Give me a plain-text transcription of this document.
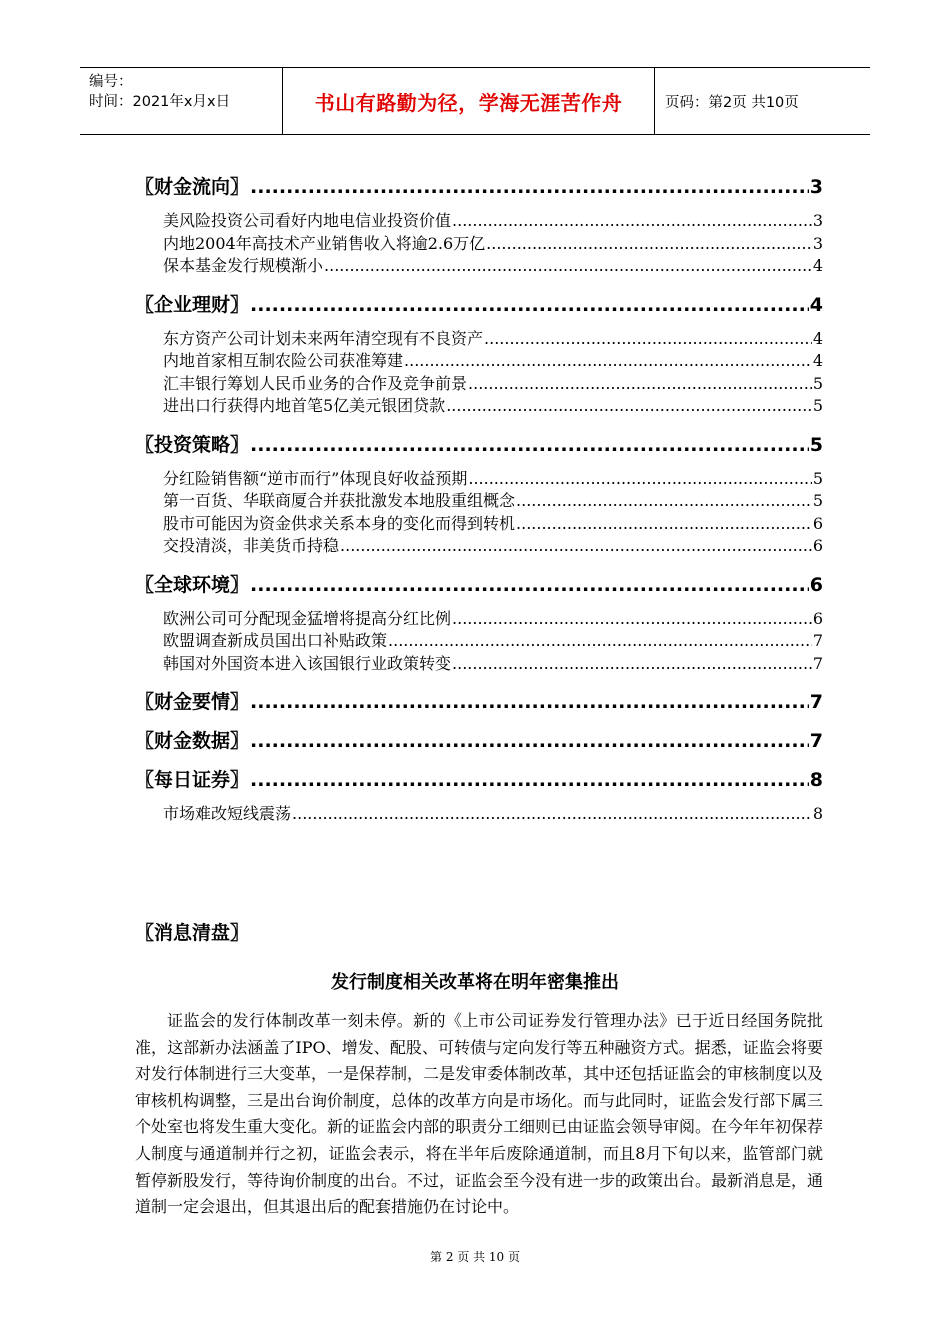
编号：
时间：2021年x月x日	书山有路勤为径，学海无涯苦作舟	页码：第2页 共10页
〖财金流向〗 .....	3
美风险投资公司看好内地电信业投资价值 .....	3
内地2004年高技术产业销售收入将逾2.6万亿 .....	3
保本基金发行规模渐小 .....	4
〖企业理财〗 .....	4
东方资产公司计划未来两年清空现有不良资产 .....	4
内地首家相互制农险公司获准筹建 .....	4
汇丰银行筹划人民币业务的合作及竞争前景 .....	5
进出口行获得内地首笔5亿美元银团贷款 .....	5
〖投资策略〗 .....	5
分红险销售额“逆市而行”体现良好收益预期 .....	5
第一百货、华联商厦合并获批激发本地股重组概念 .....	5
股市可能因为资金供求关系本身的变化而得到转机 .....	6
交投清淡，非美货币持稳 .....	6
〖全球环境〗 .....	6
欧洲公司可分配现金猛增将提高分红比例 .....	6
欧盟调查新成员国出口补贴政策 .....	7
韩国对外国资本进入该国银行业政策转变 .....	7
〖财金要情〗 .....	7
〖财金数据〗 .....	7
〖每日证券〗 .....	8
市场难改短线震荡 .....	8
〖消息清盘〗
发行制度相关改革将在明年密集推出
证监会的发行体制改革一刻未停。新的《上市公司证券发行管理办法》已于近日经国务院批准，这部新办法涵盖了IPO、增发、配股、可转债与定向发行等五种融资方式。据悉，证监会将要对发行体制进行三大变革，一是保荐制，二是发审委体制改革，其中还包括证监会的审核制度以及审核机构调整，三是出台询价制度，总体的改革方向是市场化。而与此同时，证监会发行部下属三个处室也将发生重大变化。新的证监会内部的职责分工细则已由证监会领导审阅。在今年年初保荐人制度与通道制并行之初，证监会表示，将在半年后废除通道制，而且8月下旬以来，监管部门就暂停新股发行，等待询价制度的出台。不过，证监会至今没有进一步的政策出台。最新消息是，通道制一定会退出，但其退出后的配套措施仍在讨论中。
第 2 页 共 10 页
